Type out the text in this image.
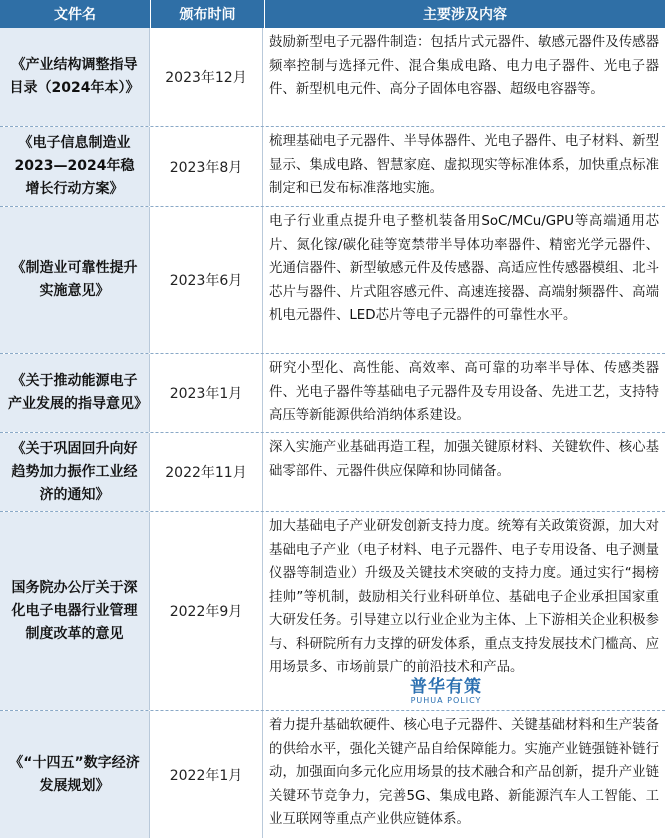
文件名	颁布时间	主要涉及内容
《产业结构调整指导目录（2024年本）》
2023年12月
鼓励新型电子元器件制造：包括片式元器件、敏感元器件及传感器频率控制与选择元件、混合集成电路、电力电子器件、光电子器件、新型机电元件、高分子固体电容器、超级电容器等。
《电子信息制造业2023—2024年稳增长行动方案》
2023年8月
梳理基础电子元器件、半导体器件、光电子器件、电子材料、新型显示、集成电路、智慧家庭、虚拟现实等标准体系，加快重点标准制定和已发布标准落地实施。
《制造业可靠性提升实施意见》
2023年6月
电子行业重点提升电子整机装备用SoC/MCu/GPU等高端通用芯片、氮化镓/碳化硅等宽禁带半导体功率器件、精密光学元器件、光通信器件、新型敏感元件及传感器、高适应性传感器模组、北斗芯片与器件、片式阻容感元件、高速连接器、高端射频器件、高端机电元器件、LED芯片等电子元器件的可靠性水平。
《关于推动能源电子产业发展的指导意见》
2023年1月
研究小型化、高性能、高效率、高可靠的功率半导体、传感类器件、光电子器件等基础电子元器件及专用设备、先进工艺，支持特高压等新能源供给消纳体系建设。
《关于巩固回升向好趋势加力振作工业经济的通知》
2022年11月
深入实施产业基础再造工程，加强关键原材料、关键软件、核心基础零部件、元器件供应保障和协同储备。
国务院办公厅关于深化电子电器行业管理制度改革的意见
2022年9月
加大基础电子产业研发创新支持力度。统筹有关政策资源，加大对基础电子产业（电子材料、电子元器件、电子专用设备、电子测量仪器等制造业）升级及关键技术突破的支持力度。通过实行“揭榜挂帅”等机制，鼓励相关行业科研单位、基础电子企业承担国家重大研发任务。引导建立以行业企业为主体、上下游相关企业积极参与、科研院所有力支撑的研发体系，重点支持发展技术门槛高、应用场景多、市场前景广的前沿技术和产品。
《“十四五”数字经济发展规划》
2022年1月
着力提升基础软硬件、核心电子元器件、关键基础材料和生产装备的供给水平，强化关键产品自给保障能力。实施产业链强链补链行动，加强面向多元化应用场景的技术融合和产品创新，提升产业链关键环节竞争力，完善5G、集成电路、新能源汽车人工智能、工业互联网等重点产业供应链体系。
普华有策
PUHUA POLICY
